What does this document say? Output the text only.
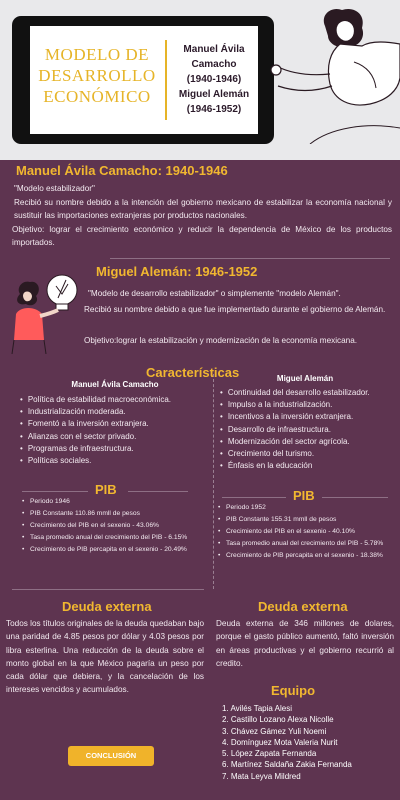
MODELO DE
DESARROLLO
ECONÓMICO
Manuel Ávila
Camacho
(1940-1946)
Miguel Alemán
(1946-1952)
Manuel Ávila Camacho: 1940-1946
"Modelo estabilizador"
Recibió su nombre debido a la intención del gobierno mexicano de estabilizar la economía nacional y sustituir las importaciones extranjeras por productos nacionales.
Objetivo: lograr el crecimiento económico y reducir la dependencia de México de los productos importados.
Miguel Alemán: 1946-1952
"Modelo de desarrollo estabilizador" o simplemente "modelo Alemán".
Recibió su nombre debido a que fue implementado durante el gobierno de Alemán.
Objetivo:lograr la estabilización y modernización de la economía mexicana.
Características
Manuel Ávila Camacho
Miguel Alemán
• Política de estabilidad macroeconómica.
• Industrialización moderada.
• Fomentó a la inversión extranjera.
• Alianzas con el sector privado.
• Programas de infraestructura.
• Políticas sociales.
• Continuidad del desarrollo estabilizador.
• Impulso a la industrialización.
• Incentivos a la inversión extranjera.
• Desarrollo de infraestructura.
• Modernización del sector agrícola.
• Crecimiento del turismo.
• Énfasis en la educación
PIB
• Periodo 1946
• PIB Constante 110.86 mmll de pesos
• Crecimiento del PIB en el sexenio - 43.06%
• Tasa promedio anual del crecimiento del PIB - 6.15%
• Crecimiento de PIB percapita en el sexenio - 20.49%
PIB
• Periodo 1952
• PIB Constante 155.31 mmll de pesos
• Crecimiento del PIB en el sexenio - 40.10%
• Tasa promedio anual del crecimiento del PIB - 5.78%
• Crecimiento de PIB percapita en el sexenio - 18.38%
Deuda externa
Todos los títulos originales de la deuda quedaban bajo una paridad de 4.85 pesos por dólar y 4.03 pesos por libra esterlina. Una reducción de la deuda sobre el monto global en la que México pagaría un peso por cada dólar que debiera, y la cancelación de los intereses vencidos y acumulados.
Deuda externa
Deuda externa de 346 millones de dolares, porque el gasto público aumentó, faltó inversión en áreas productivas y el gobierno recurrió al credito.
Equipo
1. Avilés Tapia Alesi
2. Castillo Lozano Alexa Nicolle
3. Chávez Gámez Yuli Noemi
4. Domínguez Mota Valeria Nurit
5. López Zapata Fernanda
6. Martínez Saldaña Zakia Fernanda
7. Mata Leyva Mildred
CONCLUSIÓN
